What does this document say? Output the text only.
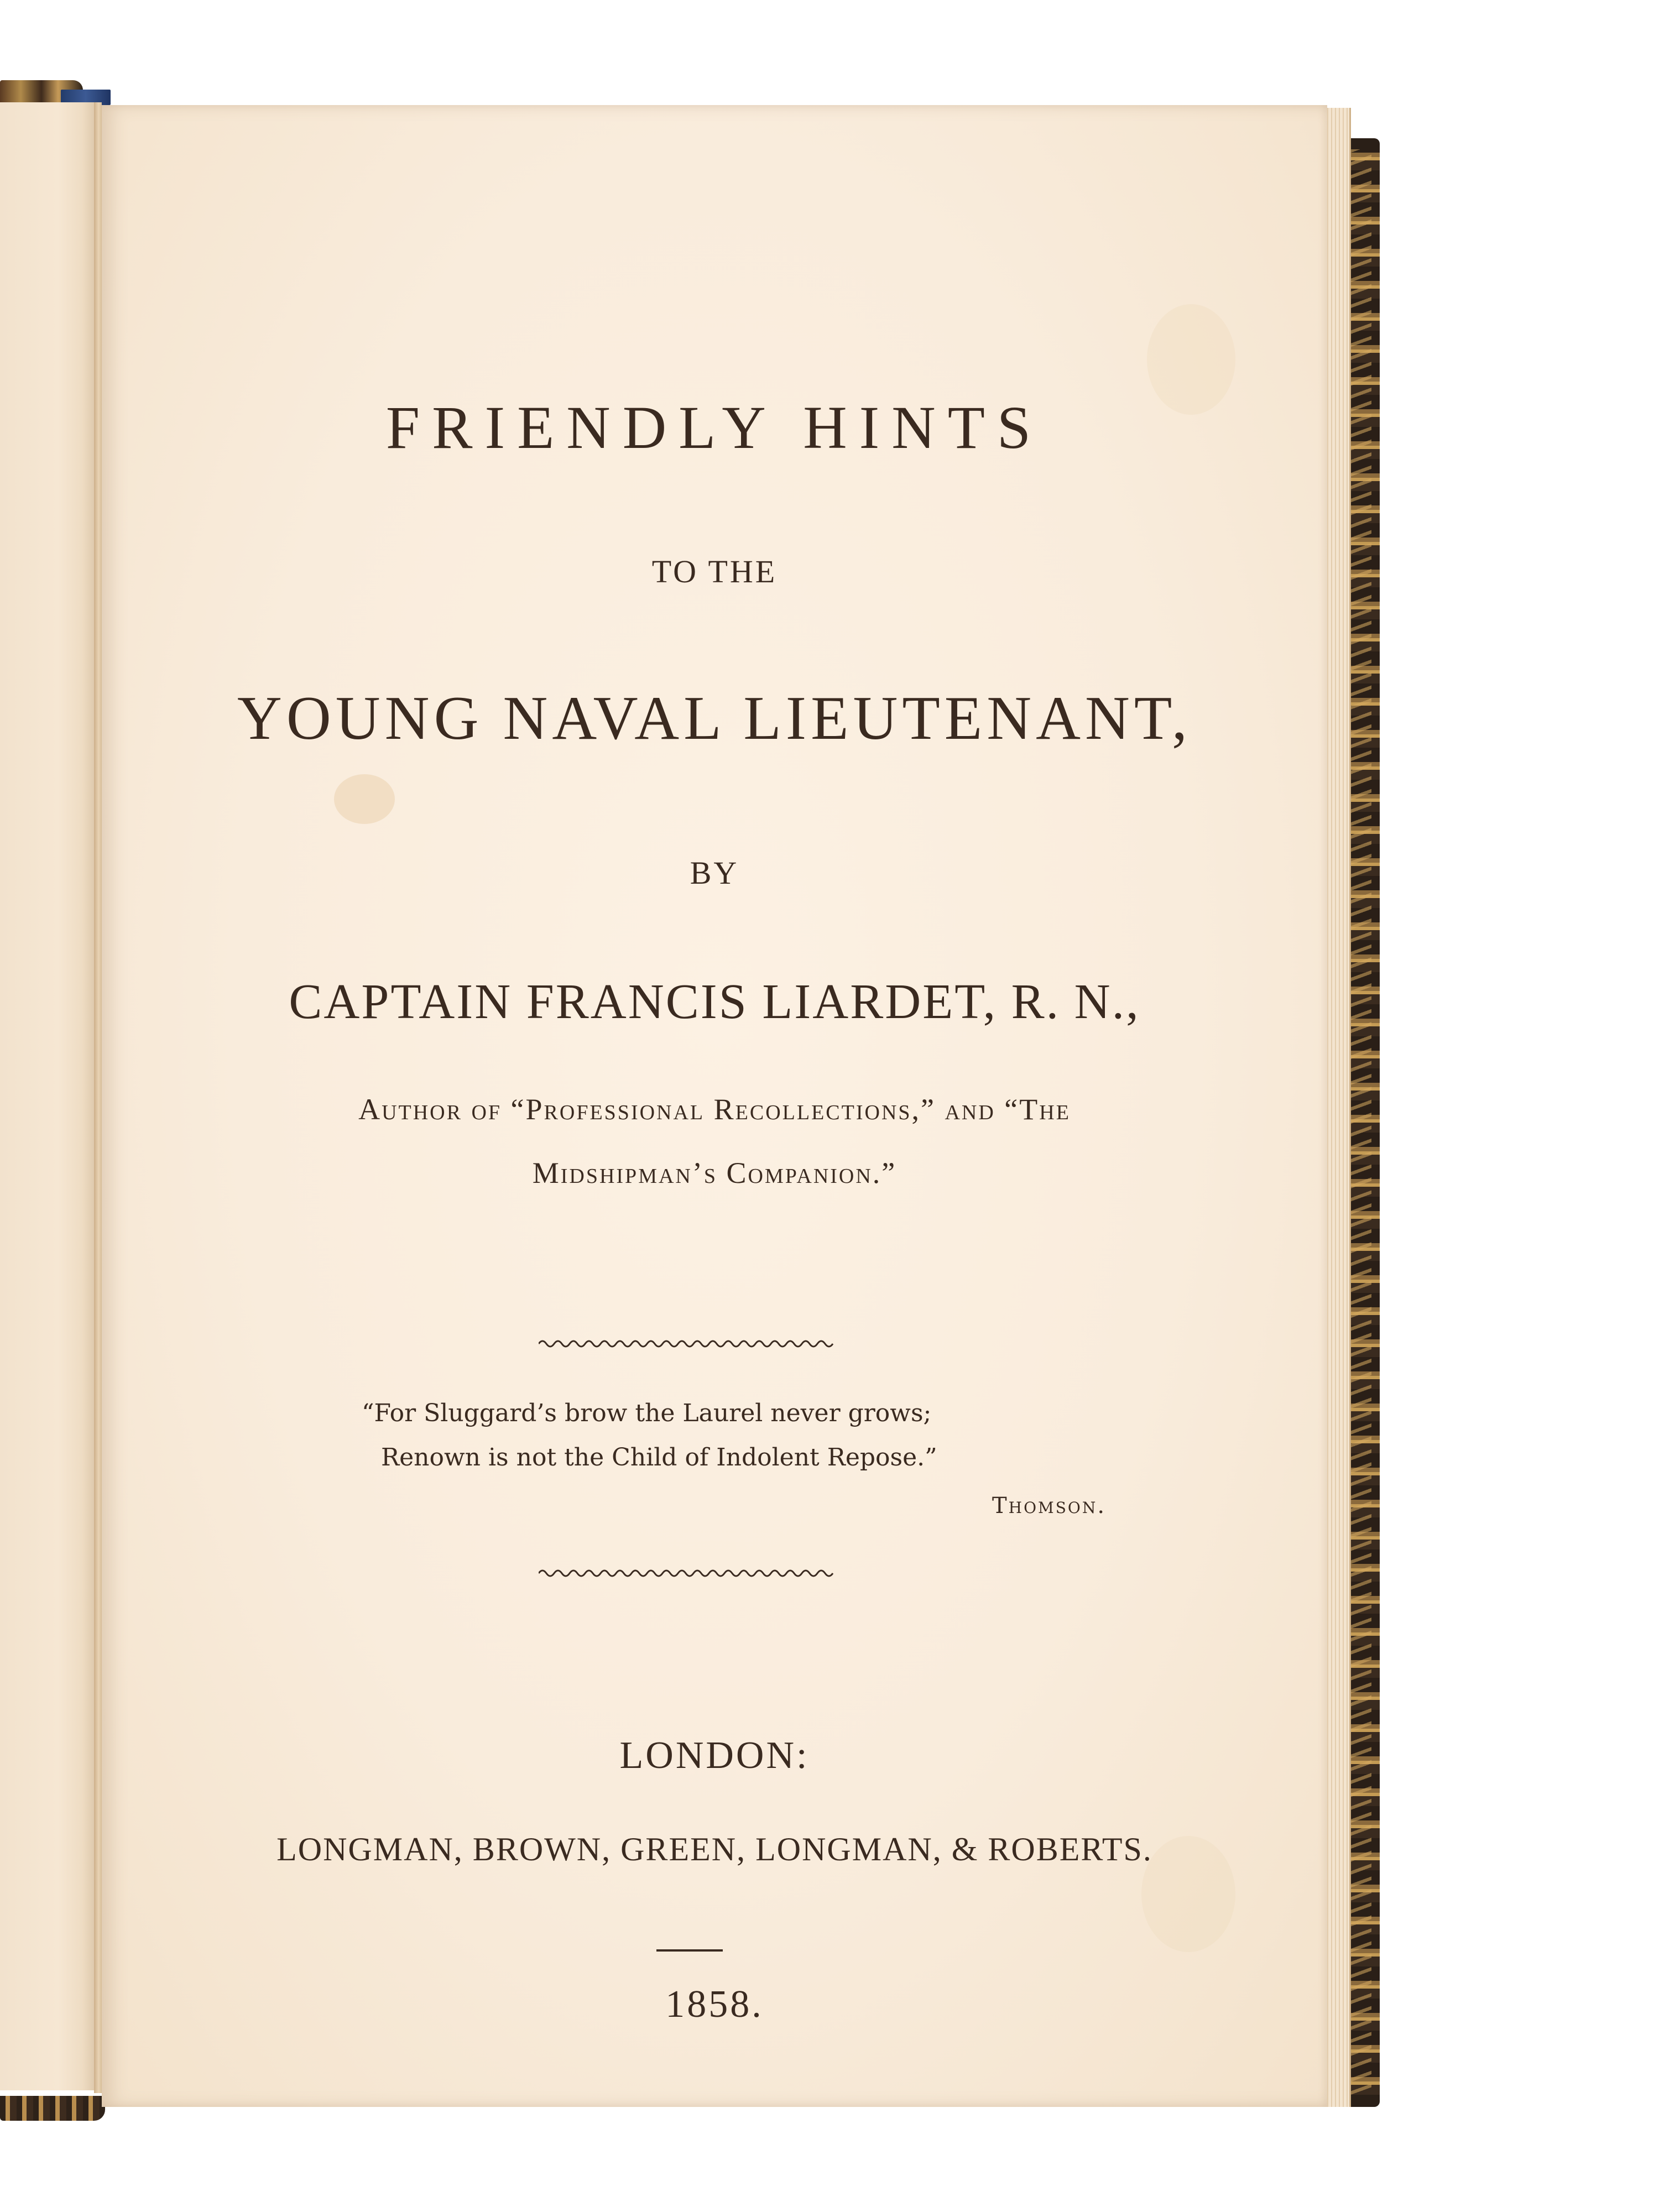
FRIENDLY HINTS
TO THE
YOUNG NAVAL LIEUTENANT,
BY
CAPTAIN FRANCIS LIARDET, R. N.,
Author of “Professional Recollections,” and “The
Midshipman’s Companion.”
“For Sluggard’s brow the Laurel never grows;
Renown is not the Child of Indolent Repose.”
Thomson.
LONDON:
LONGMAN, BROWN, GREEN, LONGMAN, & ROBERTS.
1858.
